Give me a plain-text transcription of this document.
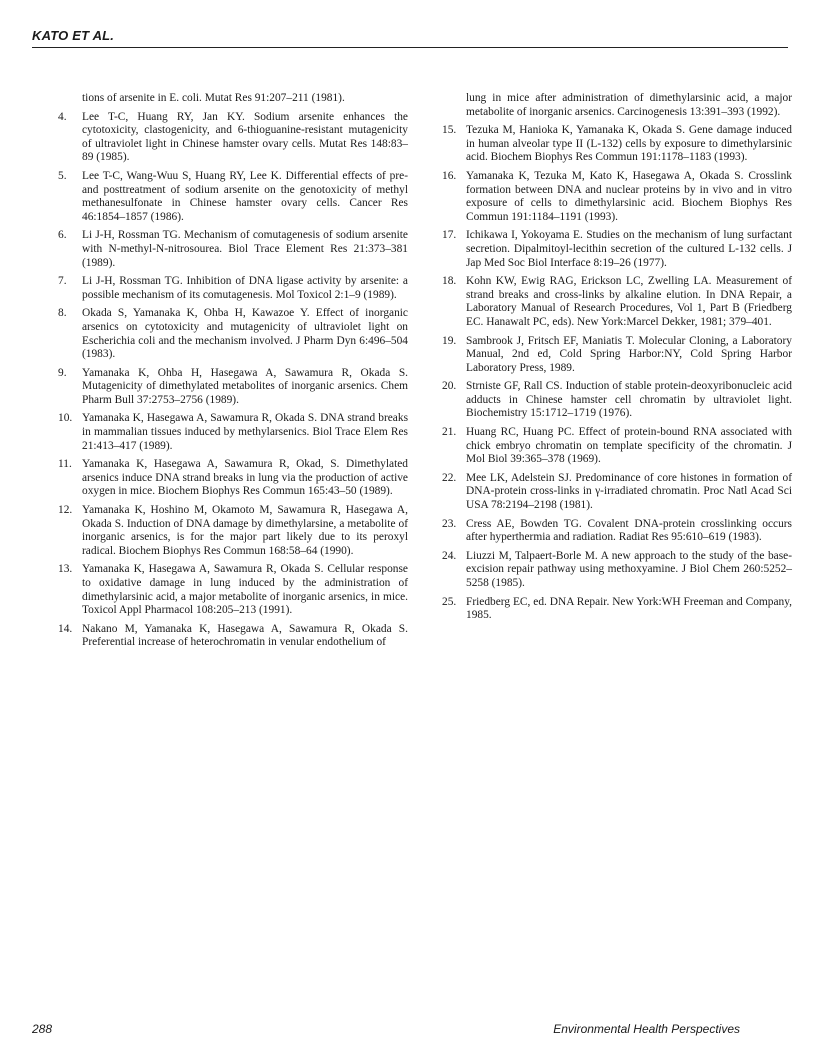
KATO ET AL.
tions of arsenite in E. coli. Mutat Res 91:207–211 (1981).
4.	Lee T-C, Huang RY, Jan KY. Sodium arsenite enhances the cytotoxicity, clastogenicity, and 6-thioguanine-resistant mutagenicity of ultraviolet light in Chinese hamster ovary cells. Mutat Res 148:83–89 (1985).
5.	Lee T-C, Wang-Wuu S, Huang RY, Lee K. Differential effects of pre- and posttreatment of sodium arsenite on the genotoxicity of methyl methanesulfonate in Chinese hamster ovary cells. Cancer Res 46:1854–1857 (1986).
6.	Li J-H, Rossman TG. Mechanism of comutagenesis of sodium arsenite with N-methyl-N-nitrosourea. Biol Trace Element Res 21:373–381 (1989).
7.	Li J-H, Rossman TG. Inhibition of DNA ligase activity by arsenite: a possible mechanism of its comutagenesis. Mol Toxicol 2:1–9 (1989).
8.	Okada S, Yamanaka K, Ohba H, Kawazoe Y. Effect of inorganic arsenics on cytotoxicity and mutagenicity of ultraviolet light on Escherichia coli and the mechanism involved. J Pharm Dyn 6:496–504 (1983).
9.	Yamanaka K, Ohba H, Hasegawa A, Sawamura R, Okada S. Mutagenicity of dimethylated metabolites of inorganic arsenics. Chem Pharm Bull 37:2753–2756 (1989).
10. Yamanaka K, Hasegawa A, Sawamura R, Okada S. DNA strand breaks in mammalian tissues induced by methylarsenics. Biol Trace Elem Res 21:413–417 (1989).
11. Yamanaka K, Hasegawa A, Sawamura R, Okad, S. Dimethylated arsenics induce DNA strand breaks in lung via the production of active oxygen in mice. Biochem Biophys Res Commun 165:43–50 (1989).
12. Yamanaka K, Hoshino M, Okamoto M, Sawamura R, Hasegawa A, Okada S. Induction of DNA damage by dimethylarsine, a metabolite of inorganic arsenics, is for the major part likely due to its peroxyl radical. Biochem Biophys Res Commun 168:58–64 (1990).
13. Yamanaka K, Hasegawa A, Sawamura R, Okada S. Cellular response to oxidative damage in lung induced by the administration of dimethylarsinic acid, a major metabolite of inorganic arsenics, in mice. Toxicol Appl Pharmacol 108:205–213 (1991).
14. Nakano M, Yamanaka K, Hasegawa A, Sawamura R, Okada S. Preferential increase of heterochromatin in venular endothelium of
lung in mice after administration of dimethylarsinic acid, a major metabolite of inorganic arsenics. Carcinogenesis 13:391–393 (1992).
15. Tezuka M, Hanioka K, Yamanaka K, Okada S. Gene damage induced in human alveolar type II (L-132) cells by exposure to dimethylarsinic acid. Biochem Biophys Res Commun 191:1178–1183 (1993).
16. Yamanaka K, Tezuka M, Kato K, Hasegawa A, Okada S. Crosslink formation between DNA and nuclear proteins by in vivo and in vitro exposure of cells to dimethylarsinic acid. Biochem Biophys Res Commun 191:1184–1191 (1993).
17. Ichikawa I, Yokoyama E. Studies on the mechanism of lung surfactant secretion. Dipalmitoyl-lecithin secretion of the cultured L-132 cells. J Jap Med Soc Biol Interface 8:19–26 (1977).
18. Kohn KW, Ewig RAG, Erickson LC, Zwelling LA. Measurement of strand breaks and cross-links by alkaline elution. In DNA Repair, a Laboratory Manual of Research Procedures, Vol 1, Part B (Friedberg EC. Hanawalt PC, eds). New York:Marcel Dekker, 1981; 379–401.
19. Sambrook J, Fritsch EF, Maniatis T. Molecular Cloning, a Laboratory Manual, 2nd ed, Cold Spring Harbor:NY, Cold Spring Harbor Laboratory Press, 1989.
20. Strniste GF, Rall CS. Induction of stable protein-deoxyribonucleic acid adducts in Chinese hamster cell chromatin by ultraviolet light. Biochemistry 15:1712–1719 (1976).
21. Huang RC, Huang PC. Effect of protein-bound RNA associated with chick embryo chromatin on template specificity of the chromatin. J Mol Biol 39:365–378 (1969).
22. Mee LK, Adelstein SJ. Predominance of core histones in formation of DNA-protein cross-links in γ-irradiated chromatin. Proc Natl Acad Sci USA 78:2194–2198 (1981).
23. Cress AE, Bowden TG. Covalent DNA-protein crosslinking occurs after hyperthermia and radiation. Radiat Res 95:610–619 (1983).
24. Liuzzi M, Talpaert-Borle M. A new approach to the study of the base-excision repair pathway using methoxyamine. J Biol Chem 260:5252–5258 (1985).
25. Friedberg EC, ed. DNA Repair. New York:WH Freeman and Company, 1985.
288	Environmental Health Perspectives
